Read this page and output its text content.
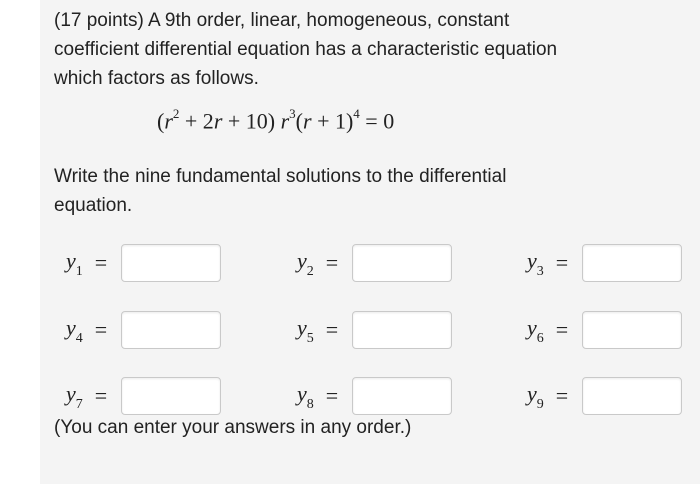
(17 points) A 9th order, linear, homogeneous, constant coefficient differential equation has a characteristic equation which factors as follows.
$(r^2 + 2r + 10) r^3(r + 1)^4 = 0$
Write the nine fundamental solutions to the differential equation.
$y_1$ =	$y_2$ =	$y_3$ =
$y_4$ =	$y_5$ =	$y_6$ =
$y_7$ =	$y_8$ =	$y_9$ =
(You can enter your answers in any order.)
